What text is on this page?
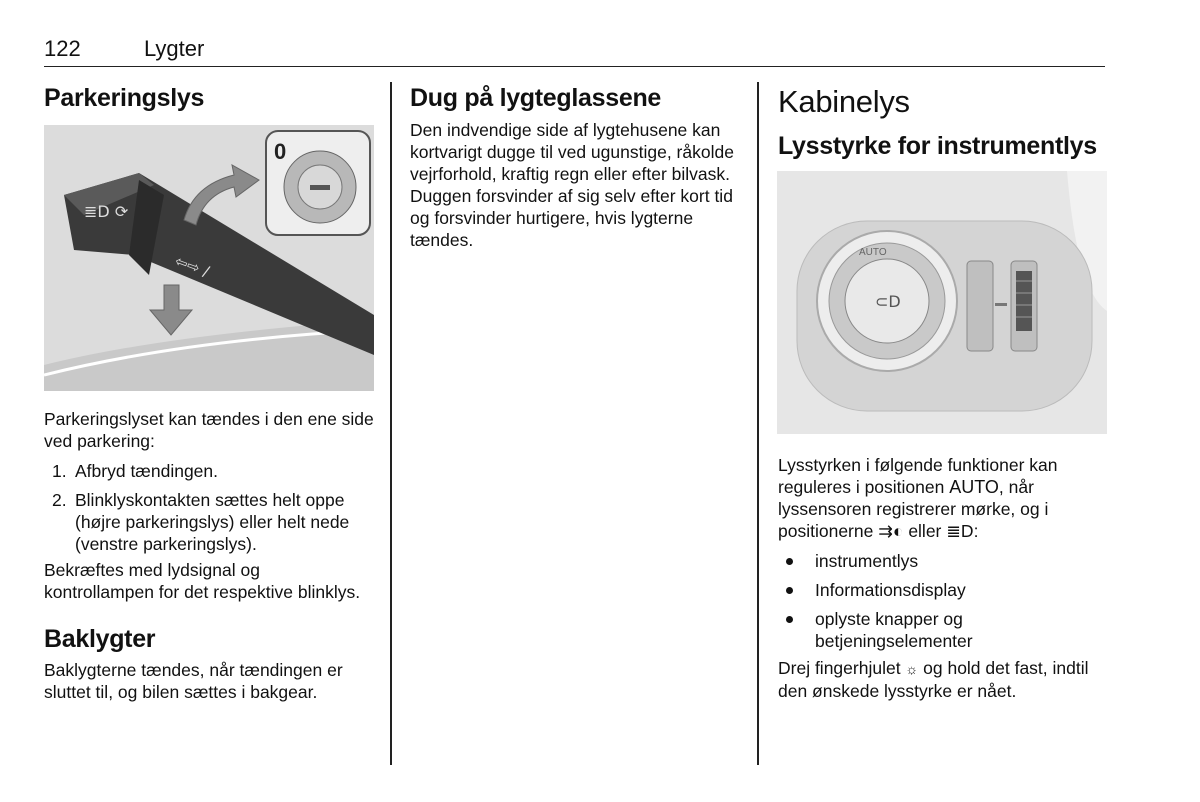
122	Lygter
Parkeringslys
≣D ⟳
⇦⇨ /
0

Parkeringslyset kan tændes i den ene side ved parkering:

1. Afbryd tændingen.
2. Blinklyskontakten sættes helt oppe (højre parkeringslys) eller helt nede (venstre parkeringslys).

Bekræftes med lydsignal og kontrollampen for det respektive blinklys.

Baklygter

Baklygterne tændes, når tændingen er sluttet til, og bilen sættes i bakgear.

Dug på lygteglassene

Den indvendige side af lygtehusene kan kortvarigt dugge til ved ugunstige, råkolde vejrforhold, kraftig regn eller efter bilvask. Duggen forsvinder af sig selv efter kort tid og forsvinder hurtigere, hvis lygterne tændes.

Kabinelys
Lysstyrke for instrumentlys
AUTO
⊂D

Lysstyrken i følgende funktioner kan reguleres i positionen AUTO, når lyssensoren registrerer mørke, og i positionerne ⇉◐ eller ≣D:

instrumentlys
Informationsdisplay
oplyste knapper og betjeningselementer

Drej fingerhjulet ☼ og hold det fast, indtil den ønskede lysstyrke er nået.
